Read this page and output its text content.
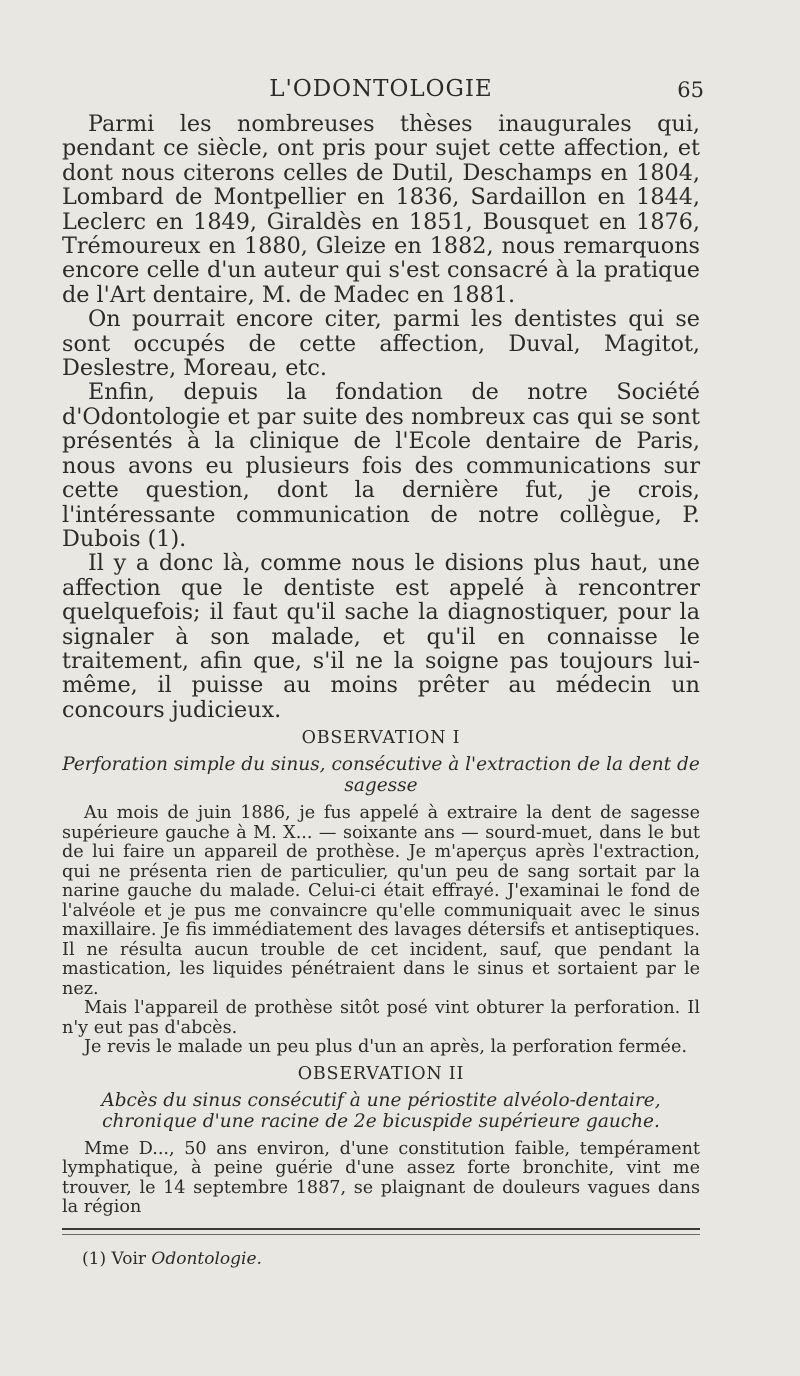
L'ODONTOLOGIE	65

Parmi les nombreuses thèses inaugurales qui, pendant ce siècle, ont pris pour sujet cette affection, et dont nous citerons celles de Dutil, Deschamps en 1804, Lombard de Montpellier en 1836, Sardaillon en 1844, Leclerc en 1849, Giraldès en 1851, Bousquet en 1876, Trémoureux en 1880, Gleize en 1882, nous remarquons encore celle d'un auteur qui s'est consacré à la pratique de l'Art dentaire, M. de Madec en 1881.

On pourrait encore citer, parmi les dentistes qui se sont occupés de cette affection, Duval, Magitot, Deslestre, Moreau, etc.

Enfin, depuis la fondation de notre Société d'Odontologie et par suite des nombreux cas qui se sont présentés à la clinique de l'Ecole dentaire de Paris, nous avons eu plusieurs fois des communications sur cette question, dont la dernière fut, je crois, l'intéressante communication de notre collègue, P. Dubois (1).

Il y a donc là, comme nous le disions plus haut, une affection que le dentiste est appelé à rencontrer quelquefois; il faut qu'il sache la diagnostiquer, pour la signaler à son malade, et qu'il en connaisse le traitement, afin que, s'il ne la soigne pas toujours lui-même, il puisse au moins prêter au médecin un concours judicieux.

OBSERVATION I
Perforation simple du sinus, consécutive à l'extraction de la dent de sagesse

Au mois de juin 1886, je fus appelé à extraire la dent de sagesse supérieure gauche à M. X... — soixante ans — sourd-muet, dans le but de lui faire un appareil de prothèse. Je m'aperçus après l'extraction, qui ne présenta rien de particulier, qu'un peu de sang sortait par la narine gauche du malade. Celui-ci était effrayé. J'examinai le fond de l'alvéole et je pus me convaincre qu'elle communiquait avec le sinus maxillaire. Je fis immédiatement des lavages détersifs et antiseptiques. Il ne résulta aucun trouble de cet incident, sauf, que pendant la mastication, les liquides pénétraient dans le sinus et sortaient par le nez.

Mais l'appareil de prothèse sitôt posé vint obturer la perforation. Il n'y eut pas d'abcès.

Je revis le malade un peu plus d'un an après, la perforation fermée.

OBSERVATION II
Abcès du sinus consécutif à une périostite alvéolo-dentaire, chronique d'une racine de 2e bicuspide supérieure gauche.

Mme D..., 50 ans environ, d'une constitution faible, tempérament lymphatique, à peine guérie d'une assez forte bronchite, vint me trouver, le 14 septembre 1887, se plaignant de douleurs vagues dans la région

(1) Voir Odontologie.
